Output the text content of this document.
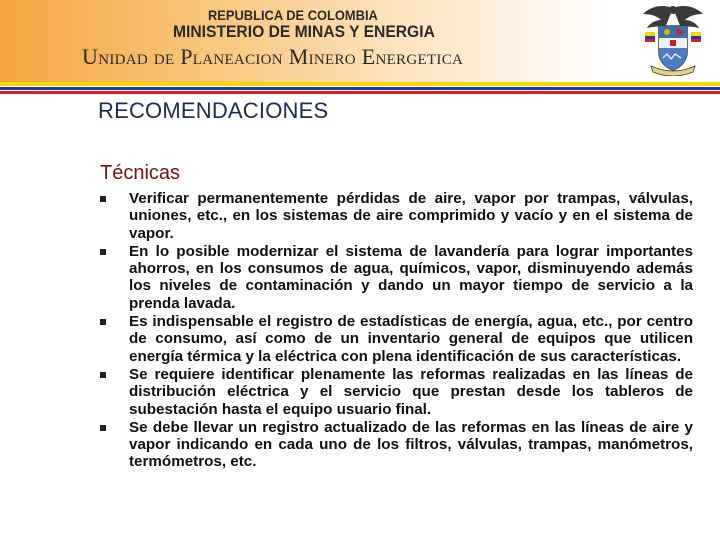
REPUBLICA DE COLOMBIA
MINISTERIO DE MINAS Y ENERGIA
Unidad de Planeacion Minero Energetica
RECOMENDACIONES
Técnicas
Verificar permanentemente pérdidas de aire, vapor por trampas, válvulas, uniones, etc., en los sistemas de aire comprimido y vacío y en el sistema de vapor.
En lo posible modernizar el sistema de lavandería para lograr importantes ahorros, en los consumos de agua, químicos, vapor, disminuyendo además los niveles de contaminación y dando un mayor tiempo de servicio a la prenda lavada.
Es indispensable el registro de estadísticas de energía, agua, etc., por centro de consumo, así como de un inventario general de equipos que utilicen energía térmica y la eléctrica con plena identificación de sus características.
Se requiere identificar plenamente las reformas realizadas en las líneas de distribución eléctrica y el servicio que prestan desde los tableros de subestación hasta el equipo usuario final.
Se debe llevar un registro actualizado de las reformas en las líneas de aire y vapor indicando en cada uno de los filtros, válvulas, trampas, manómetros, termómetros, etc.
